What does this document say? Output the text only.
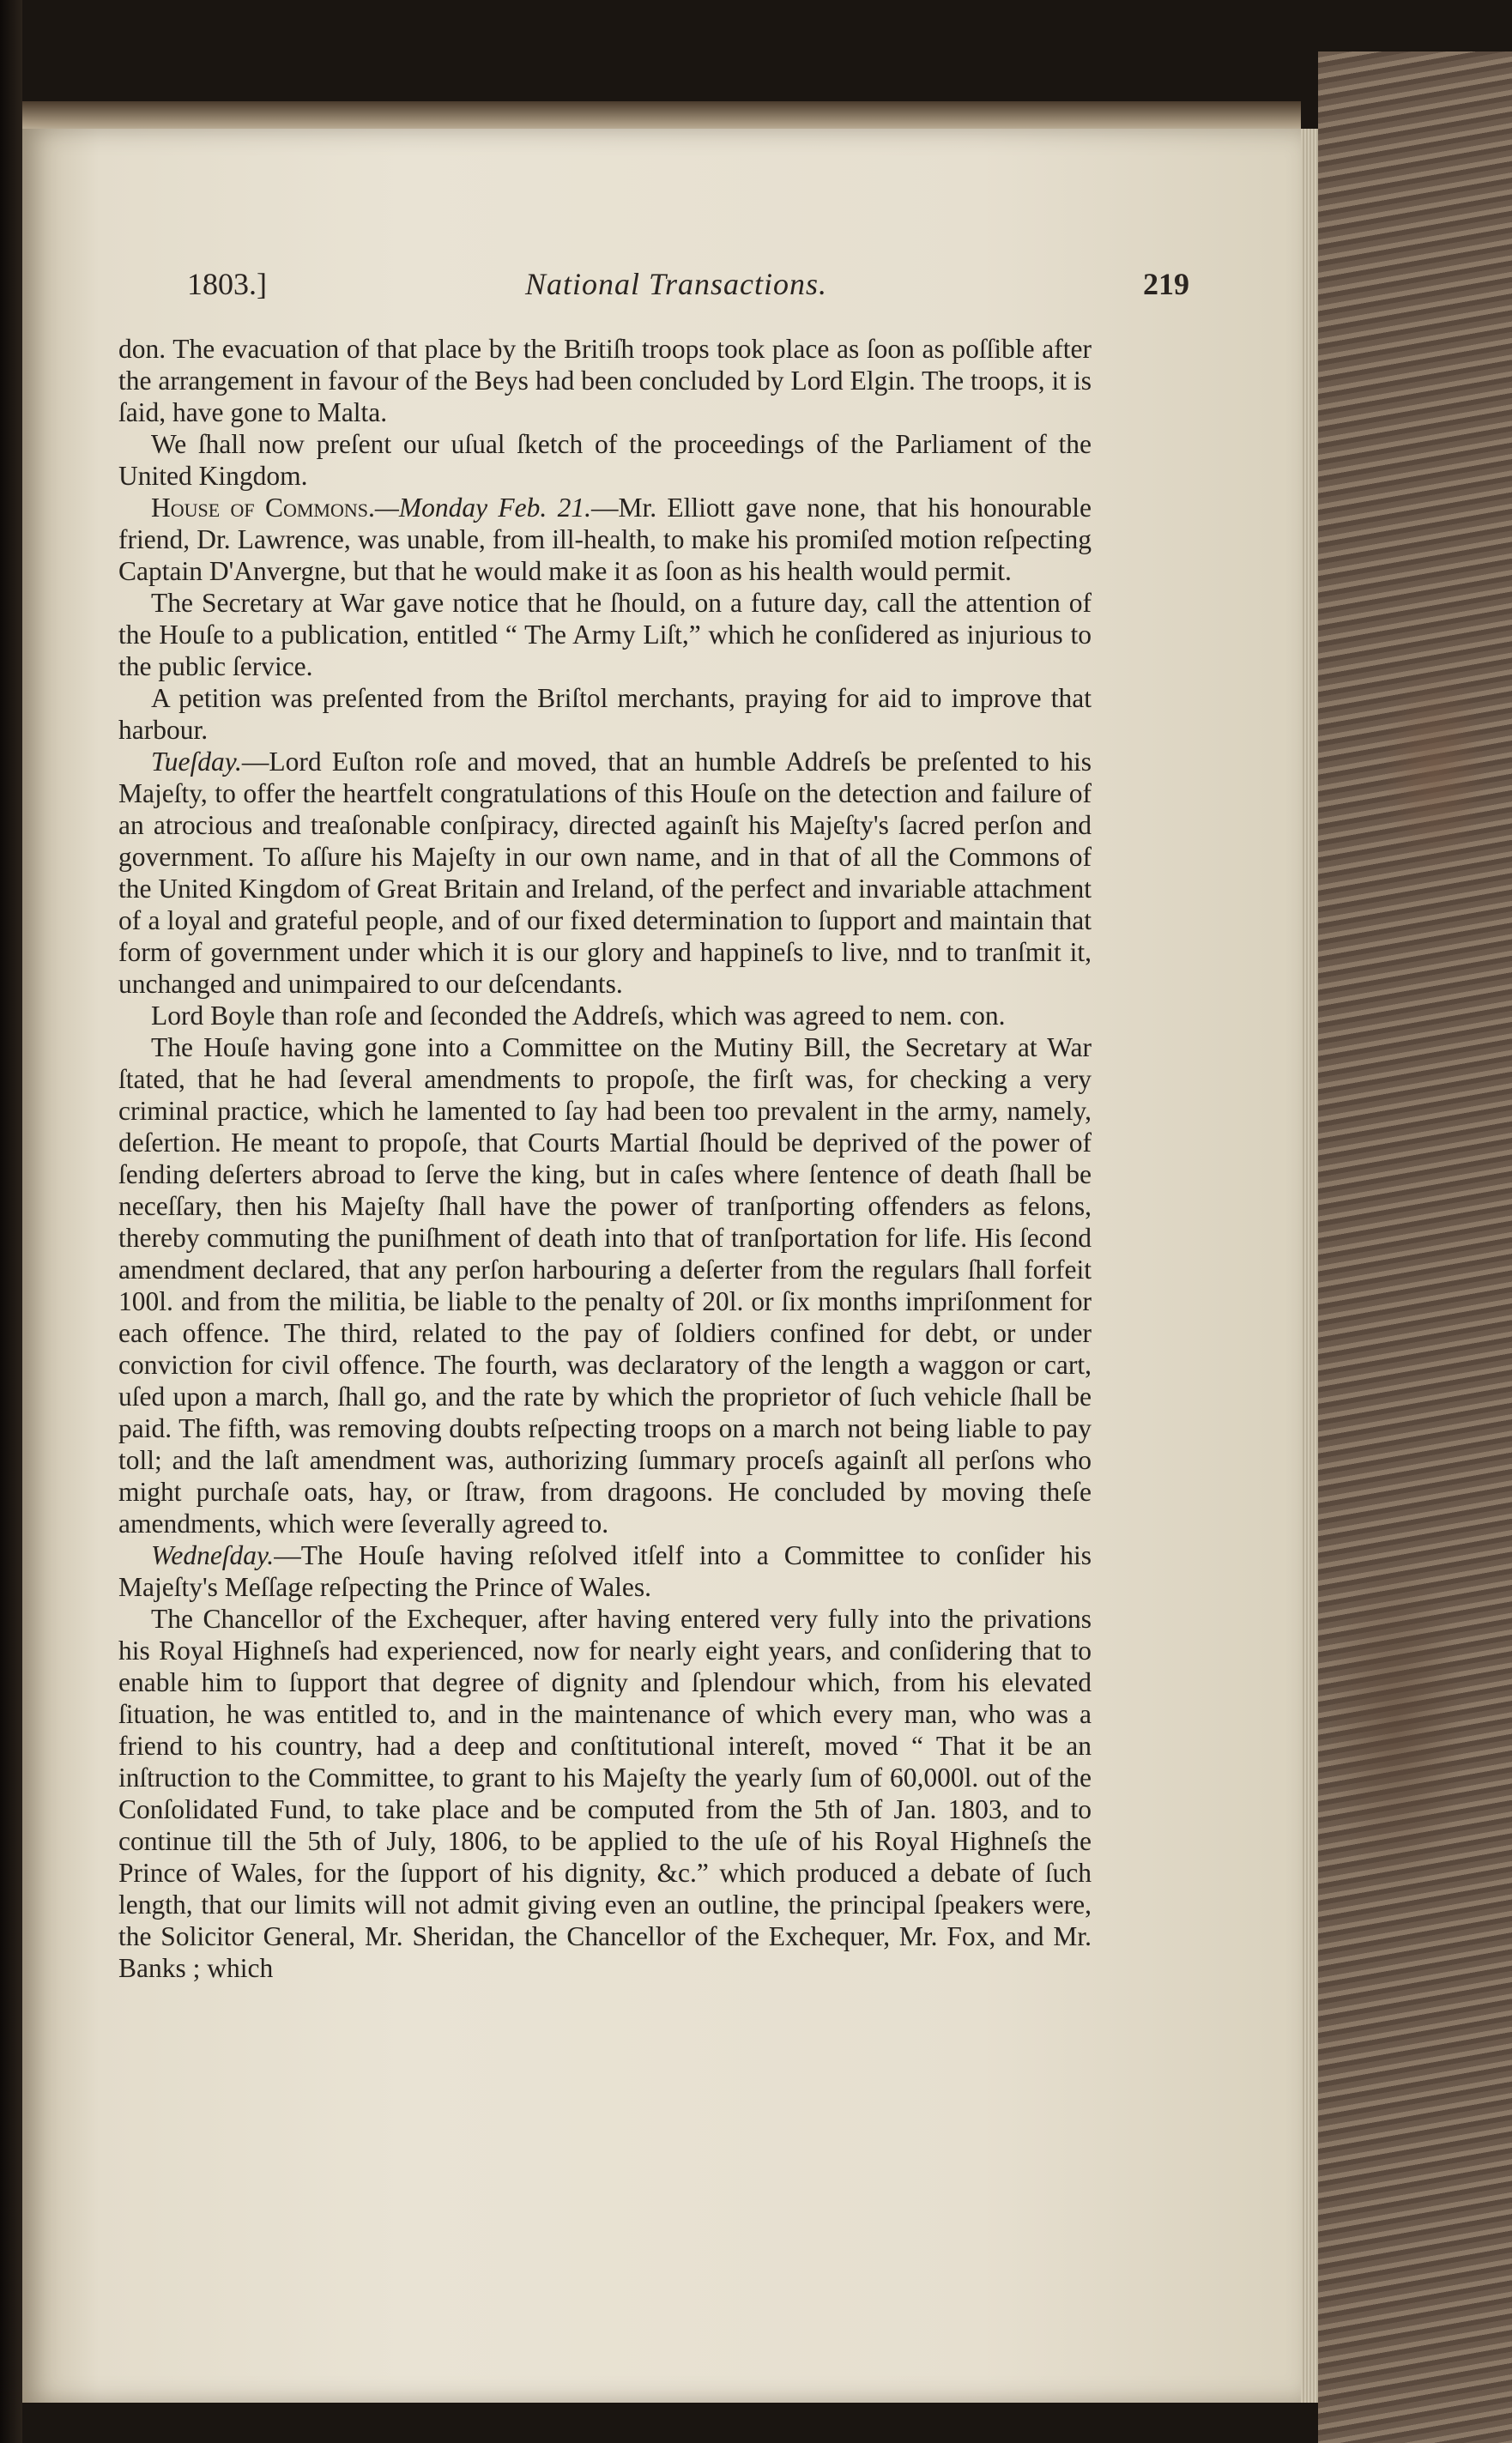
1803.]	National Transactions.	219

don. The evacuation of that place by the Britiſh troops took place as ſoon as poſſible after the arrangement in favour of the Beys had been concluded by Lord Elgin. The troops, it is ſaid, have gone to Malta.

We ſhall now preſent our uſual ſketch of the proceedings of the Parliament of the United Kingdom.

House of Commons.—Monday Feb. 21.—Mr. Elliott gave none, that his honourable friend, Dr. Lawrence, was unable, from ill-health, to make his promiſed motion reſpecting Captain D'Anvergne, but that he would make it as ſoon as his health would permit.

The Secretary at War gave notice that he ſhould, on a future day, call the attention of the Houſe to a publication, entitled “ The Army Liſt,” which he conſidered as injurious to the public ſervice.

A petition was preſented from the Briſtol merchants, praying for aid to improve that harbour.

Tueſday.—Lord Euſton roſe and moved, that an humble Addreſs be preſented to his Majeſty, to offer the heartfelt congratulations of this Houſe on the detection and failure of an atrocious and treaſonable conſpiracy, directed againſt his Majeſty's ſacred perſon and government. To aſſure his Majeſty in our own name, and in that of all the Commons of the United Kingdom of Great Britain and Ireland, of the perfect and invariable attachment of a loyal and grateful people, and of our fixed determination to ſupport and maintain that form of government under which it is our glory and happineſs to live, nnd to tranſmit it, unchanged and unimpaired to our deſcendants.

Lord Boyle than roſe and ſeconded the Addreſs, which was agreed to nem. con.

The Houſe having gone into a Committee on the Mutiny Bill, the Secretary at War ſtated, that he had ſeveral amendments to propoſe, the firſt was, for checking a very criminal practice, which he lamented to ſay had been too prevalent in the army, namely, deſertion. He meant to propoſe, that Courts Martial ſhould be deprived of the power of ſending deſerters abroad to ſerve the king, but in caſes where ſentence of death ſhall be neceſſary, then his Majeſty ſhall have the power of tranſporting offenders as felons, thereby commuting the puniſhment of death into that of tranſportation for life. His ſecond amendment declared, that any perſon harbouring a deſerter from the regulars ſhall forfeit 100l. and from the militia, be liable to the penalty of 20l. or ſix months impriſonment for each offence. The third, related to the pay of ſoldiers confined for debt, or under conviction for civil offence. The fourth, was declaratory of the length a waggon or cart, uſed upon a march, ſhall go, and the rate by which the proprietor of ſuch vehicle ſhall be paid. The fifth, was removing doubts reſpecting troops on a march not being liable to pay toll; and the laſt amendment was, authorizing ſummary proceſs againſt all perſons who might purchaſe oats, hay, or ſtraw, from dragoons. He concluded by moving theſe amendments, which were ſeverally agreed to.

Wedneſday.—The Houſe having reſolved itſelf into a Committee to conſider his Majeſty's Meſſage reſpecting the Prince of Wales.

The Chancellor of the Exchequer, after having entered very fully into the privations his Royal Highneſs had experienced, now for nearly eight years, and conſidering that to enable him to ſupport that degree of dignity and ſplendour which, from his elevated ſituation, he was entitled to, and in the maintenance of which every man, who was a friend to his country, had a deep and conſtitutional intereſt, moved “ That it be an inſtruction to the Committee, to grant to his Majeſty the yearly ſum of 60,000l. out of the Conſolidated Fund, to take place and be computed from the 5th of Jan. 1803, and to continue till the 5th of July, 1806, to be applied to the uſe of his Royal Highneſs the Prince of Wales, for the ſupport of his dignity, &c.” which produced a debate of ſuch length, that our limits will not admit giving even an outline, the principal ſpeakers were, the Solicitor General, Mr. Sheridan, the Chancellor of the Exchequer, Mr. Fox, and Mr. Banks ; which
